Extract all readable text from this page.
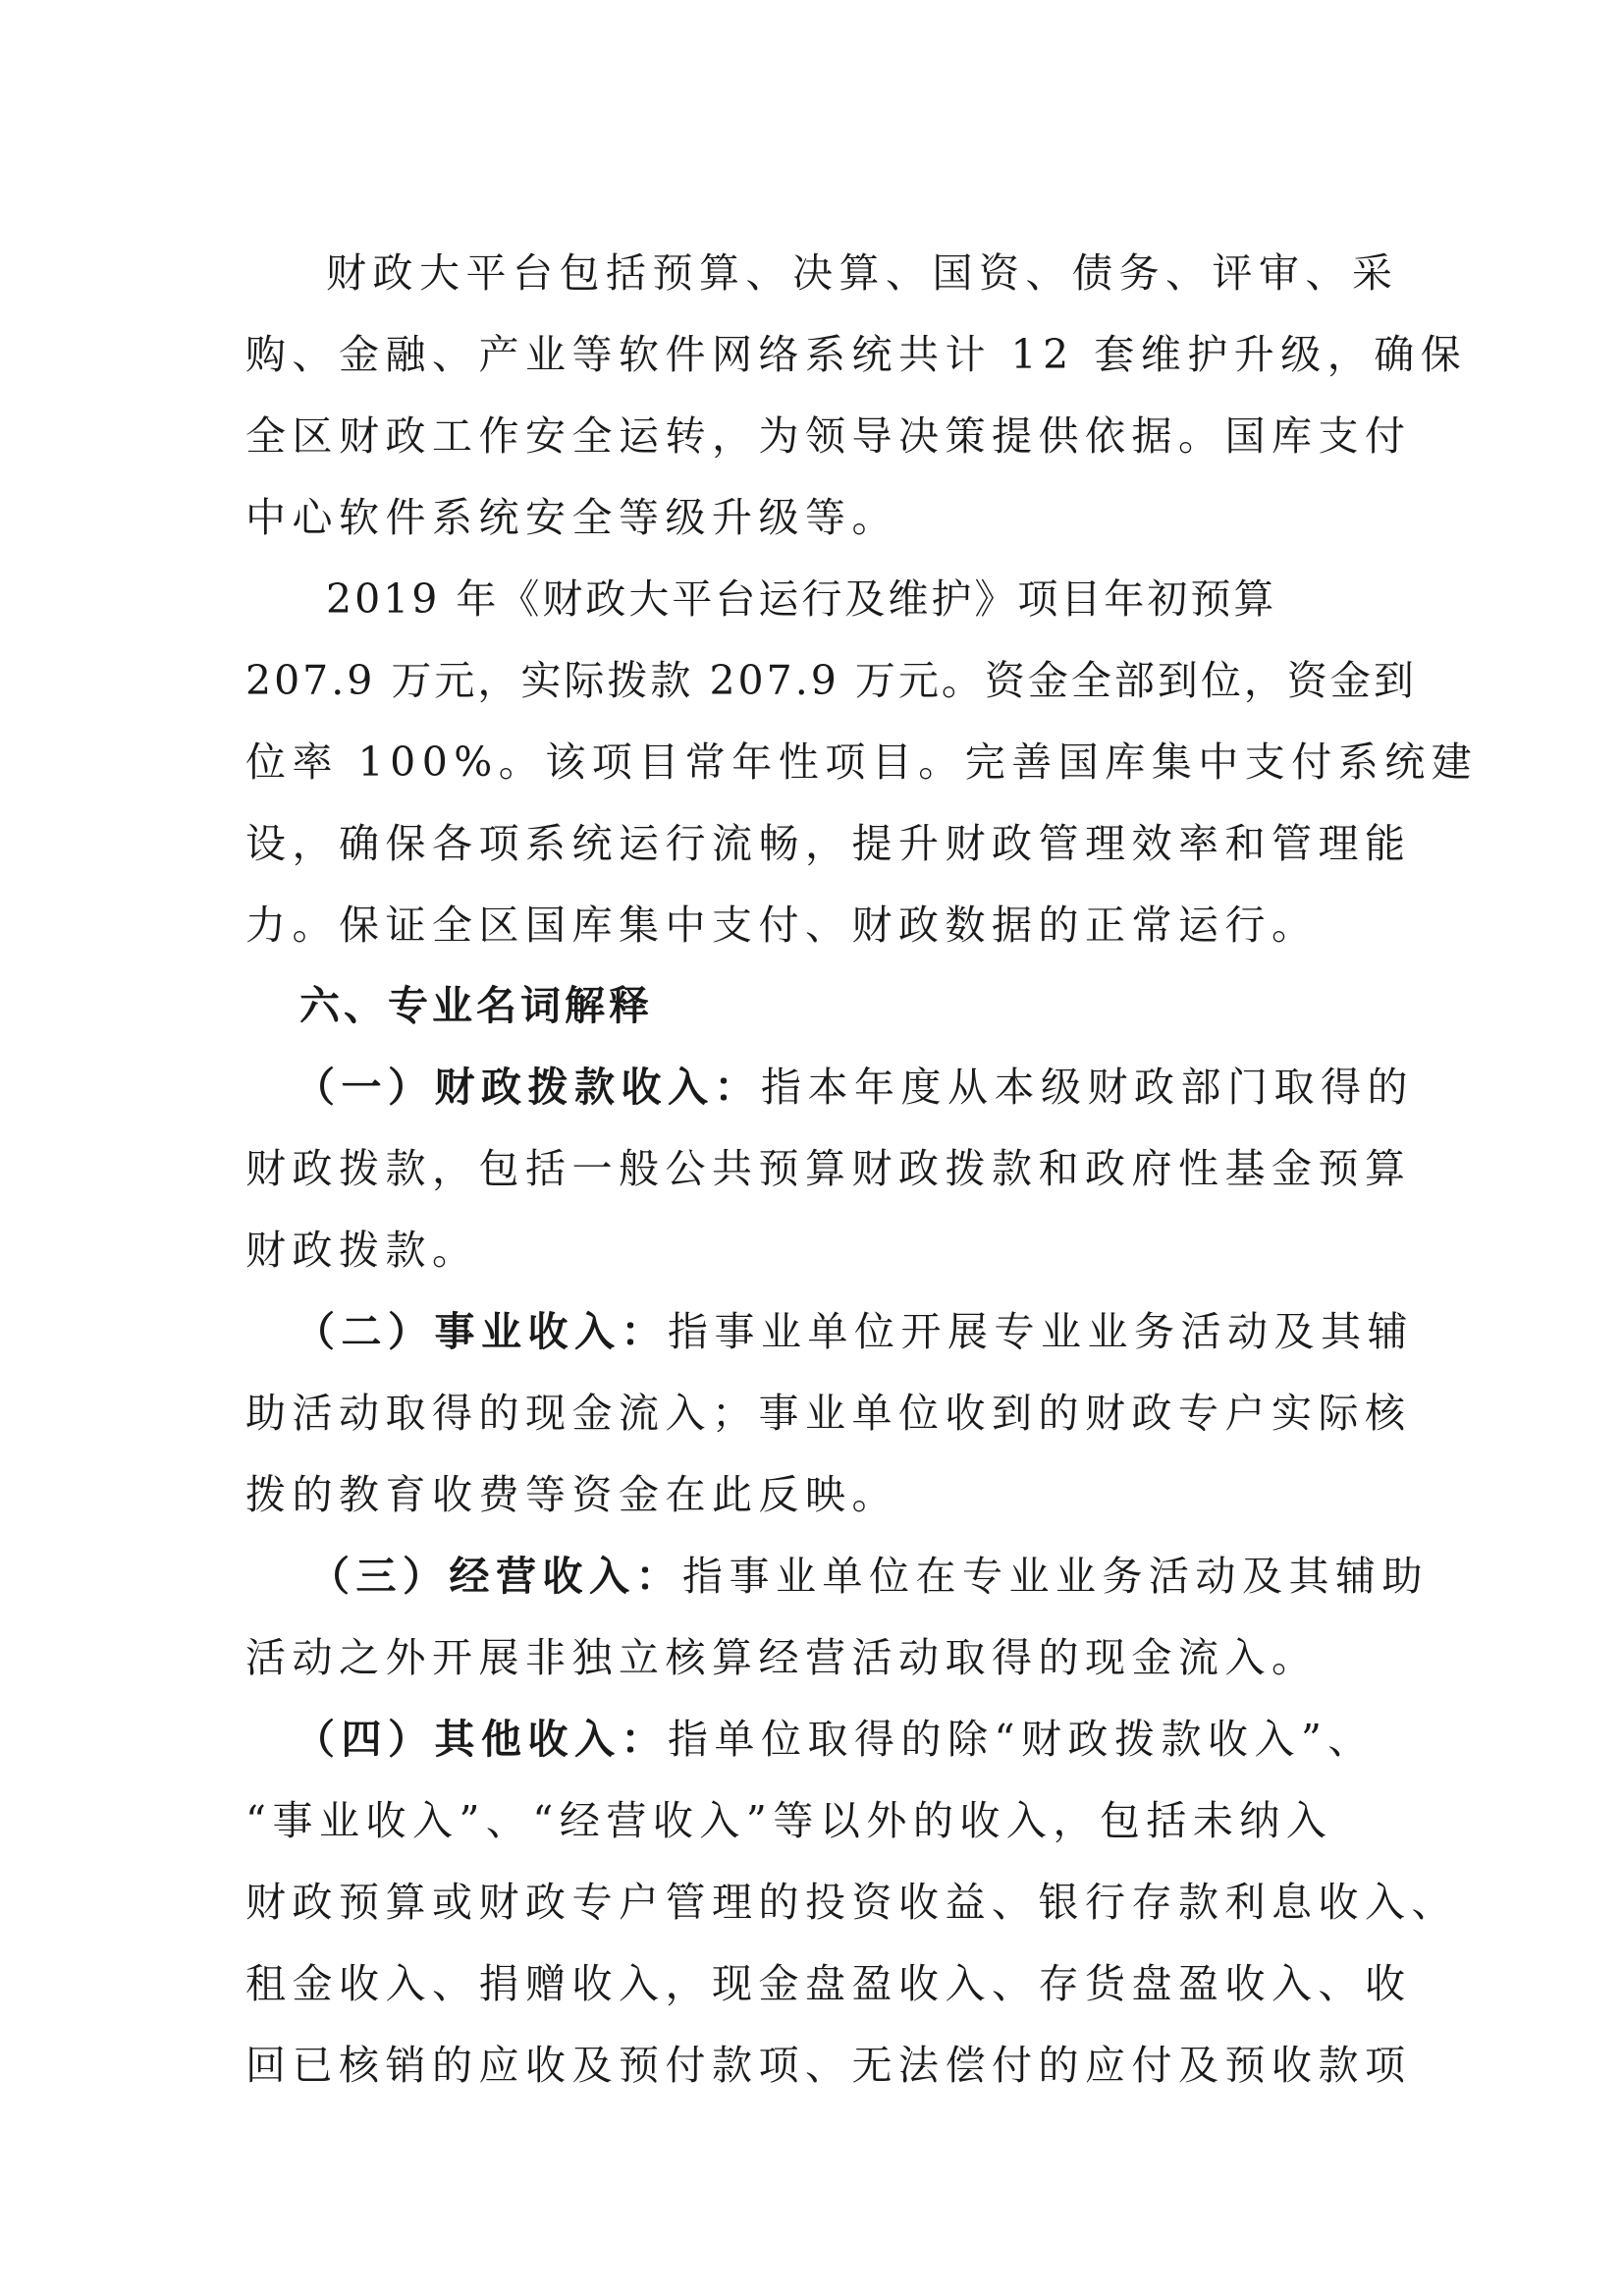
财政大平台包括预算、决算、国资、债务、评审、采
购、金融、产业等软件网络系统共计 12 套维护升级，确保
全区财政工作安全运转，为领导决策提供依据。国库支付
中心软件系统安全等级升级等。
2019 年《财政大平台运行及维护》项目年初预算
207.9 万元，实际拨款 207.9 万元。资金全部到位，资金到
位率 100%。该项目常年性项目。完善国库集中支付系统建
设，确保各项系统运行流畅，提升财政管理效率和管理能
力。保证全区国库集中支付、财政数据的正常运行。
六、专业名词解释
（一）财政拨款收入：指本年度从本级财政部门取得的
财政拨款，包括一般公共预算财政拨款和政府性基金预算
财政拨款。
（二）事业收入：指事业单位开展专业业务活动及其辅
助活动取得的现金流入；事业单位收到的财政专户实际核
拨的教育收费等资金在此反映。
（三）经营收入：指事业单位在专业业务活动及其辅助
活动之外开展非独立核算经营活动取得的现金流入。
（四）其他收入：指单位取得的除“财政拨款收入”、
“事业收入”、“经营收入”等以外的收入，包括未纳入
财政预算或财政专户管理的投资收益、银行存款利息收入、
租金收入、捐赠收入，现金盘盈收入、存货盘盈收入、收
回已核销的应收及预付款项、无法偿付的应付及预收款项
